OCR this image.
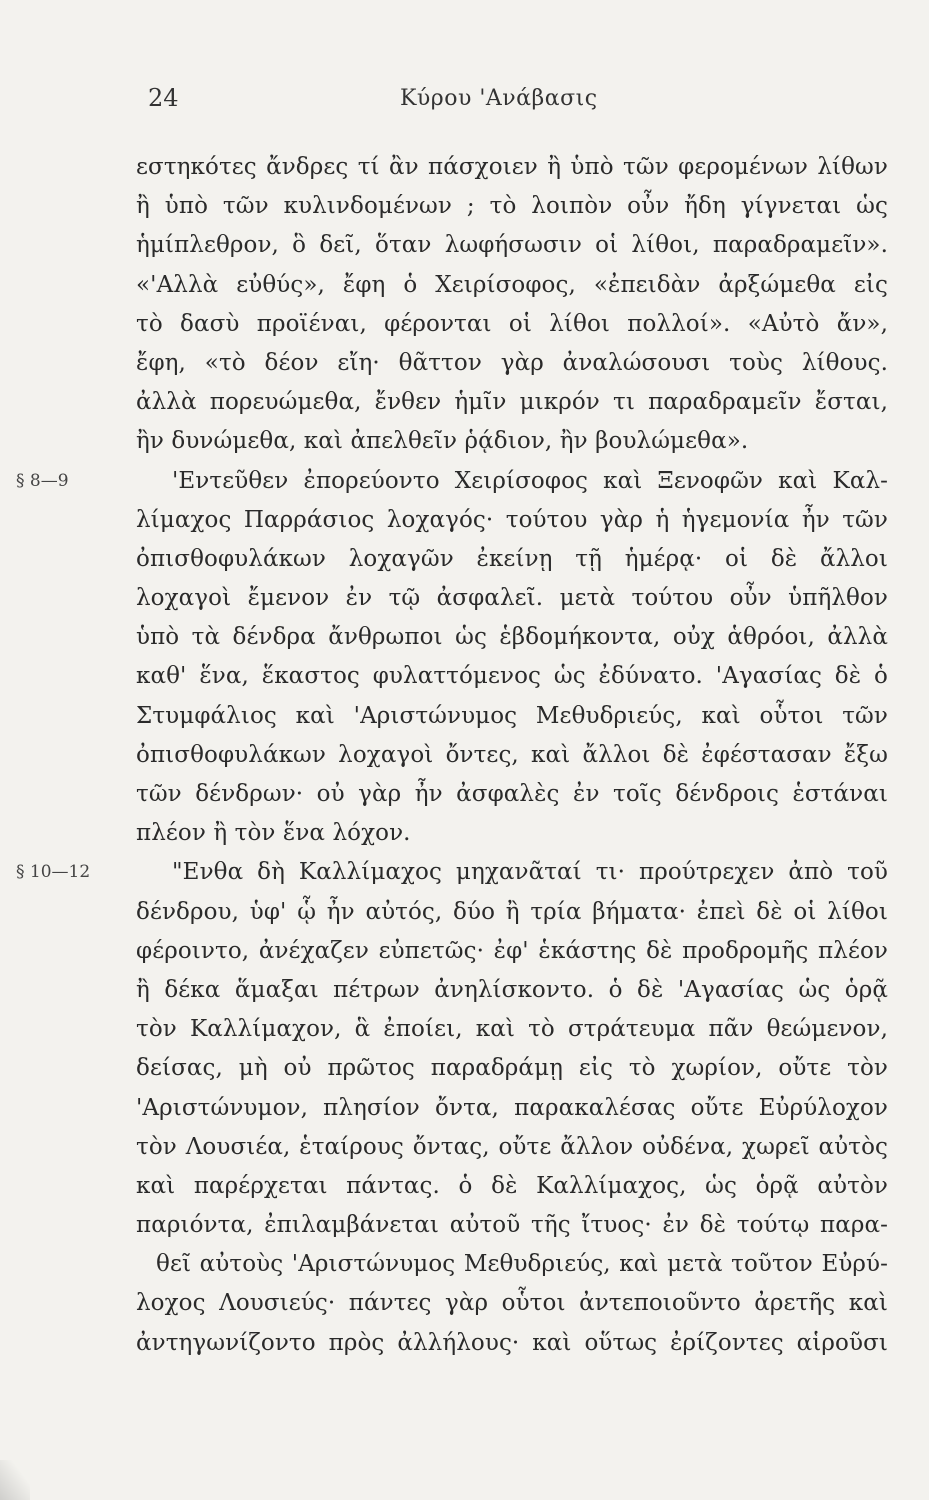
24	Κύρου 'Ανάβασις
εστηκότες ἄνδρες τί ἂν πάσχοιεν ἢ ὑπὸ τῶν φερομένων λίθων
ἢ ὑπὸ τῶν κυλινδομένων ; τὸ λοιπὸν οὖν ἤδη γίγνεται ὡς
ἡμίπλεθρον, ὃ δεῖ, ὅταν λωφήσωσιν οἱ λίθοι, παραδραμεῖν».
«'Αλλὰ εὐθύς», ἔφη ὁ Χειρίσοφος, «ἐπειδὰν ἀρξώμεθα εἰς
τὸ δασὺ προϊέναι, φέρονται οἱ λίθοι πολλοί». «Αὐτὸ ἄν»,
ἔφη, «τὸ δέον εἴη· θᾶττον γὰρ ἀναλώσουσι τοὺς λίθους.
ἀλλὰ πορευώμεθα, ἔνθεν ἡμῖν μικρόν τι παραδραμεῖν ἔσται,
ἢν δυνώμεθα, καὶ ἀπελθεῖν ῥᾴδιον, ἢν βουλώμεθα».
§ 8—9	'Εντεῦθεν ἐπορεύοντο Χειρίσοφος καὶ Ξενοφῶν καὶ Καλ-
λίμαχος Παρράσιος λοχαγός· τούτου γὰρ ἡ ἡγεμονία ἦν τῶν
ὀπισθοφυλάκων λοχαγῶν ἐκείνῃ τῇ ἡμέρᾳ· οἱ δὲ ἄλλοι
λοχαγοὶ ἔμενον ἐν τῷ ἀσφαλεῖ. μετὰ τούτου οὖν ὑπῆλθον
ὑπὸ τὰ δένδρα ἄνθρωποι ὡς ἑβδομήκοντα, οὐχ ἁθρόοι, ἀλλὰ
καθ' ἕνα, ἕκαστος φυλαττόμενος ὡς ἐδύνατο. 'Αγασίας δὲ ὁ
Στυμφάλιος καὶ 'Αριστώνυμος Μεθυδριεύς, καὶ οὗτοι τῶν
ὀπισθοφυλάκων λοχαγοὶ ὄντες, καὶ ἄλλοι δὲ ἐφέστασαν ἔξω
τῶν δένδρων· οὐ γὰρ ἦν ἀσφαλὲς ἐν τοῖς δένδροις ἑστάναι
πλέον ἢ τὸν ἕνα λόχον.
§ 10—12	"Ενθα δὴ Καλλίμαχος μηχανᾶταί τι· προύτρεχεν ἀπὸ τοῦ
δένδρου, ὑφ' ᾧ ἦν αὐτός, δύο ἢ τρία βήματα· ἐπεὶ δὲ οἱ λίθοι
φέροιντο, ἀνέχαζεν εὐπετῶς· ἐφ' ἑκάστης δὲ προδρομῆς πλέον
ἢ δέκα ἅμαξαι πέτρων ἀνηλίσκοντο. ὁ δὲ 'Αγασίας ὡς ὁρᾷ
τὸν Καλλίμαχον, ἃ ἐποίει, καὶ τὸ στράτευμα πᾶν θεώμενον,
δείσας, μὴ οὐ πρῶτος παραδράμῃ εἰς τὸ χωρίον, οὔτε τὸν
'Αριστώνυμον, πλησίον ὄντα, παρακαλέσας οὔτε Εὐρύλοχον
τὸν Λουσιέα, ἑταίρους ὄντας, οὔτε ἄλλον οὐδένα, χωρεῖ αὐτὸς
καὶ παρέρχεται πάντας. ὁ δὲ Καλλίμαχος, ὡς ὁρᾷ αὐτὸν
παριόντα, ἐπιλαμβάνεται αὐτοῦ τῆς ἴτυος· ἐν δὲ τούτῳ παρα-
θεῖ αὐτοὺς 'Αριστώνυμος Μεθυδριεύς, καὶ μετὰ τοῦτον Εὐρύ-
λοχος Λουσιεύς· πάντες γὰρ οὗτοι ἀντεποιοῦντο ἀρετῆς καὶ
ἀντηγωνίζοντο πρὸς ἀλλήλους· καὶ οὕτως ἐρίζοντες αἱροῦσι
